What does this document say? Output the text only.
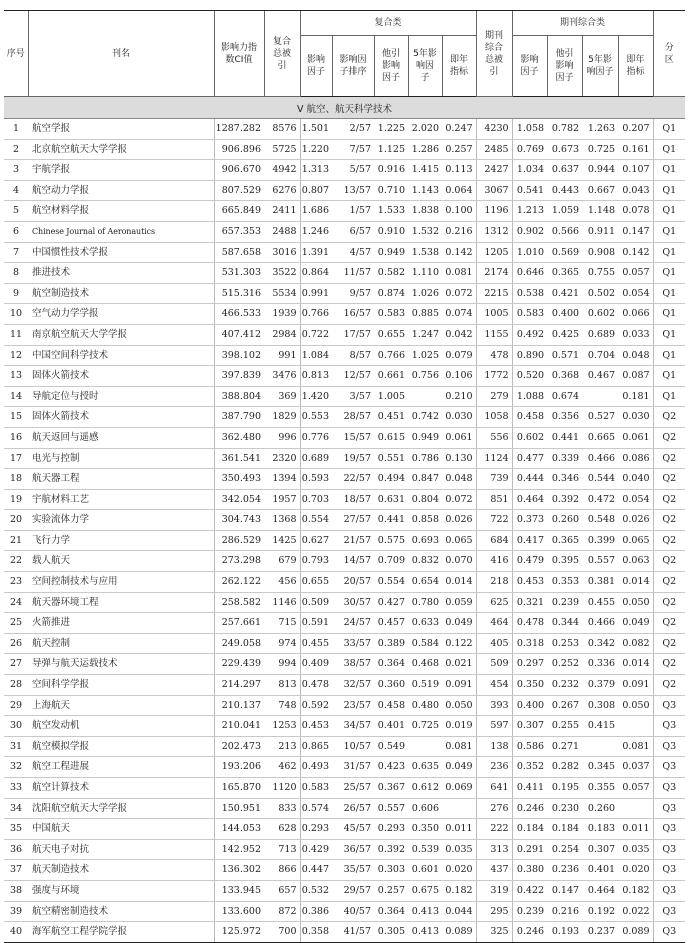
序号	刊名	影响力指数CI值	复合总被引	复合类					期刊综合总被引	期刊综合类				分区
				影响因子	影响因子排序	他引影响因子	5年影响因子	即年指标		影响因子	他引影响因子	5年影响因子	即年指标	
V 航空、航天科学技术														
1	航空学报	1287.282	8576	1.501	2/57	1.225	2.020	0.247	4230	1.058	0.782	1.263	0.207	Q1
2	北京航空航天大学学报	906.896	5725	1.220	7/57	1.125	1.286	0.257	2485	0.769	0.673	0.725	0.161	Q1
3	宇航学报	906.670	4942	1.313	5/57	0.916	1.415	0.113	2427	1.034	0.637	0.944	0.107	Q1
4	航空动力学报	807.529	6276	0.807	13/57	0.710	1.143	0.064	3067	0.541	0.443	0.667	0.043	Q1
5	航空材料学报	665.849	2411	1.686	1/57	1.533	1.838	0.100	1196	1.213	1.059	1.148	0.078	Q1
6	Chinese Journal of Aeronautics	657.353	2488	1.246	6/57	0.910	1.532	0.216	1312	0.902	0.566	0.911	0.147	Q1
7	中国惯性技术学报	587.658	3016	1.391	4/57	0.949	1.538	0.142	1205	1.010	0.569	0.908	0.142	Q1
8	推进技术	531.303	3522	0.864	11/57	0.582	1.110	0.081	2174	0.646	0.365	0.755	0.057	Q1
9	航空制造技术	515.316	5534	0.991	9/57	0.874	1.026	0.072	2215	0.538	0.421	0.502	0.054	Q1
10	空气动力学学报	466.533	1939	0.766	16/57	0.583	0.885	0.074	1005	0.583	0.400	0.602	0.066	Q1
11	南京航空航天大学学报	407.412	2984	0.722	17/57	0.655	1.247	0.042	1155	0.492	0.425	0.689	0.033	Q1
12	中国空间科学技术	398.102	991	1.084	8/57	0.766	1.025	0.079	478	0.890	0.571	0.704	0.048	Q1
13	固体火箭技术	397.839	3476	0.813	12/57	0.661	0.756	0.106	1772	0.520	0.368	0.467	0.087	Q1
14	导航定位与授时	388.804	369	1.420	3/57	1.005		0.210	279	1.088	0.674		0.181	Q1
15	固体火箭技术	387.790	1829	0.553	28/57	0.451	0.742	0.030	1058	0.458	0.356	0.527	0.030	Q2
16	航天返回与遥感	362.480	996	0.776	15/57	0.615	0.949	0.061	556	0.602	0.441	0.665	0.061	Q2
17	电光与控制	361.541	2320	0.689	19/57	0.551	0.786	0.130	1124	0.477	0.339	0.466	0.086	Q2
18	航天器工程	350.493	1394	0.593	22/57	0.494	0.847	0.048	739	0.444	0.346	0.544	0.040	Q2
19	宇航材料工艺	342.054	1957	0.703	18/57	0.631	0.804	0.072	851	0.464	0.392	0.472	0.054	Q2
20	实验流体力学	304.743	1368	0.554	27/57	0.441	0.858	0.026	722	0.373	0.260	0.548	0.026	Q2
21	飞行力学	286.529	1425	0.627	21/57	0.575	0.693	0.065	684	0.417	0.365	0.399	0.065	Q2
22	载人航天	273.298	679	0.793	14/57	0.709	0.832	0.070	416	0.479	0.395	0.557	0.063	Q2
23	空间控制技术与应用	262.122	456	0.655	20/57	0.554	0.654	0.014	218	0.453	0.353	0.381	0.014	Q2
24	航天器环境工程	258.582	1146	0.509	30/57	0.427	0.780	0.059	625	0.321	0.239	0.455	0.050	Q2
25	火箭推进	257.661	715	0.591	24/57	0.457	0.633	0.049	464	0.478	0.344	0.466	0.049	Q2
26	航天控制	249.058	974	0.455	33/57	0.389	0.584	0.122	405	0.318	0.253	0.342	0.082	Q2
27	导弹与航天运载技术	229.439	994	0.409	38/57	0.364	0.468	0.021	509	0.297	0.252	0.336	0.014	Q2
28	空间科学学报	214.297	813	0.478	32/57	0.360	0.519	0.091	454	0.350	0.232	0.379	0.091	Q2
29	上海航天	210.137	748	0.592	23/57	0.458	0.480	0.050	393	0.400	0.267	0.308	0.050	Q3
30	航空发动机	210.041	1253	0.453	34/57	0.401	0.725	0.019	597	0.307	0.255	0.415		Q3
31	航空模拟学报	202.473	213	0.865	10/57	0.549		0.081	138	0.586	0.271		0.081	Q3
32	航空工程进展	193.206	462	0.493	31/57	0.423	0.635	0.049	236	0.352	0.282	0.345	0.037	Q3
33	航空计算技术	165.870	1120	0.583	25/57	0.367	0.612	0.069	641	0.411	0.195	0.355	0.057	Q3
34	沈阳航空航天大学学报	150.951	833	0.574	26/57	0.557	0.606		276	0.246	0.230	0.260		Q3
35	中国航天	144.053	628	0.293	45/57	0.293	0.350	0.011	222	0.184	0.184	0.183	0.011	Q3
36	航天电子对抗	142.952	713	0.429	36/57	0.392	0.539	0.035	313	0.291	0.254	0.307	0.035	Q3
37	航天制造技术	136.302	866	0.447	35/57	0.303	0.601	0.020	437	0.380	0.236	0.401	0.020	Q3
38	强度与环境	133.945	657	0.532	29/57	0.257	0.675	0.182	319	0.422	0.147	0.464	0.182	Q3
39	航空精密制造技术	133.600	872	0.386	40/57	0.364	0.413	0.044	295	0.239	0.216	0.192	0.022	Q3
40	海军航空工程学院学报	125.972	700	0.358	41/57	0.305	0.413	0.089	325	0.246	0.193	0.237	0.089	Q3
